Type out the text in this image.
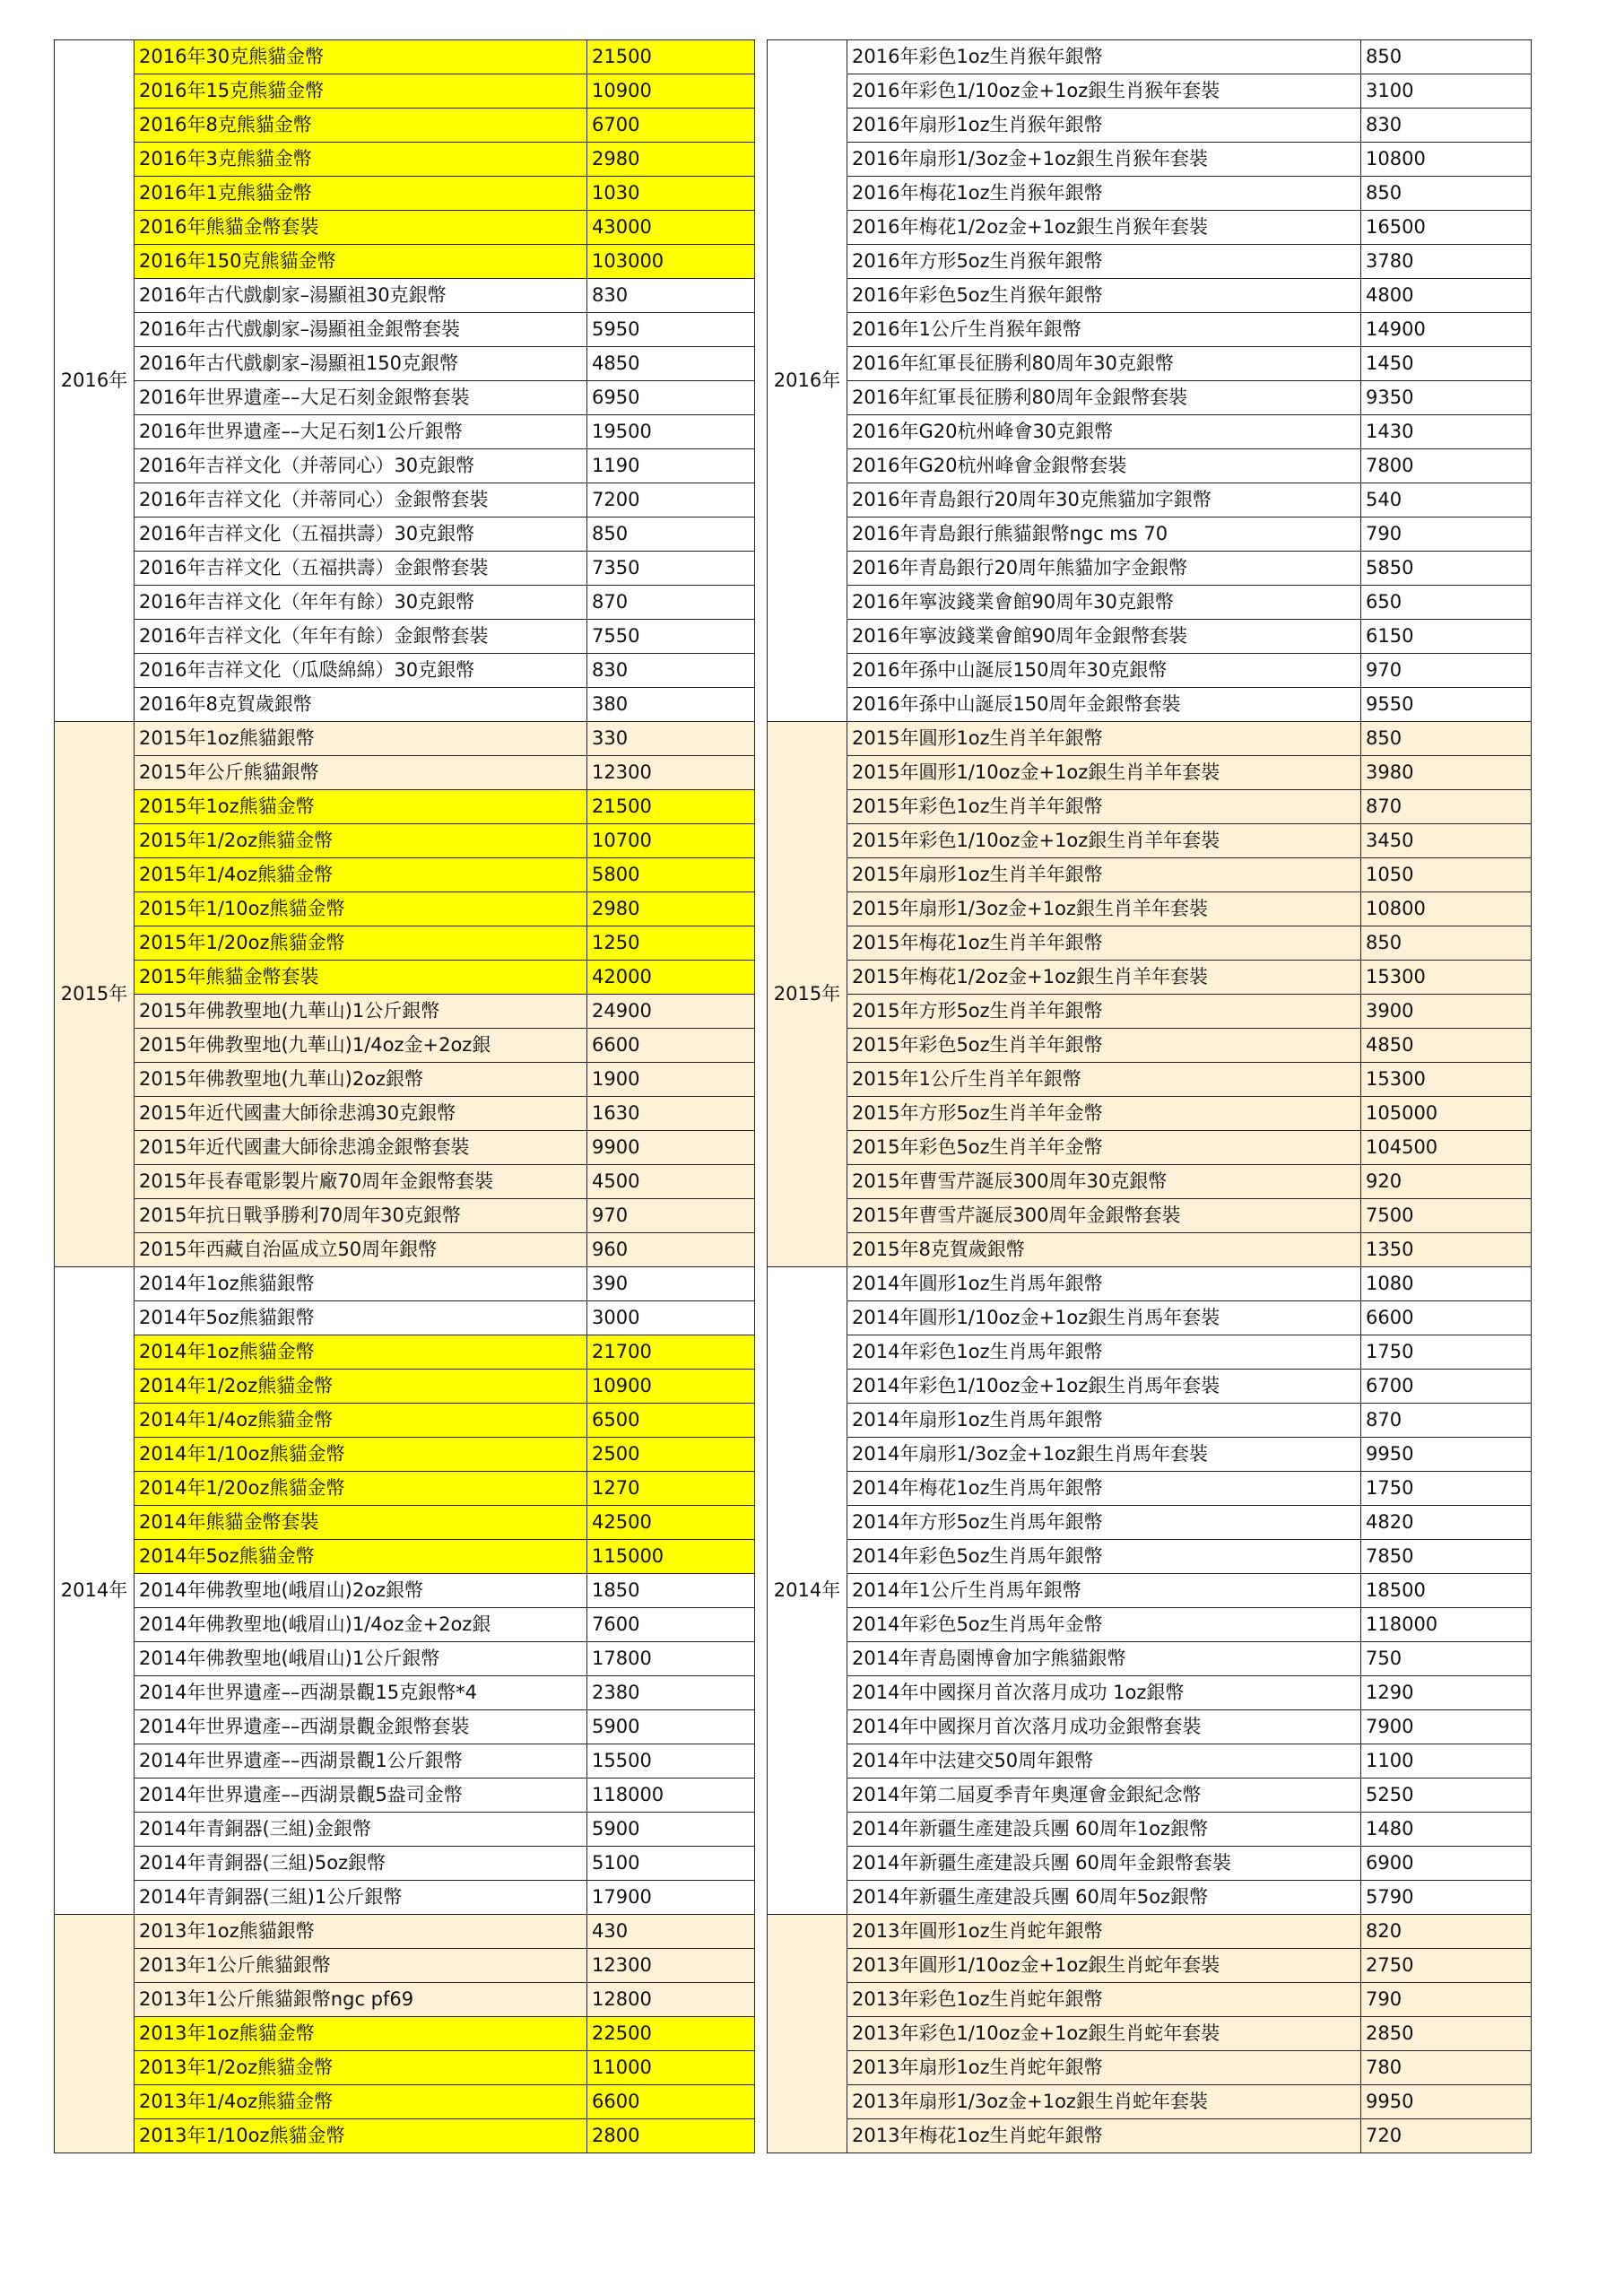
2016年	2016年30克熊貓金幣	21500
	2016年15克熊貓金幣	10900
	2016年8克熊貓金幣	6700
	2016年3克熊貓金幣	2980
	2016年1克熊貓金幣	1030
	2016年熊貓金幣套裝	43000
	2016年150克熊貓金幣	103000
	2016年古代戲劇家–湯顯祖30克銀幣	830
	2016年古代戲劇家–湯顯祖金銀幣套裝	5950
	2016年古代戲劇家–湯顯祖150克銀幣	4850
	2016年世界遺產––大足石刻金銀幣套裝	6950
	2016年世界遺產––大足石刻1公斤銀幣	19500
	2016年吉祥文化（并蒂同心）30克銀幣	1190
	2016年吉祥文化（并蒂同心）金銀幣套裝	7200
	2016年吉祥文化（五福拱壽）30克銀幣	850
	2016年吉祥文化（五福拱壽）金銀幣套裝	7350
	2016年吉祥文化（年年有餘）30克銀幣	870
	2016年吉祥文化（年年有餘）金銀幣套裝	7550
	2016年吉祥文化（瓜瓞綿綿）30克銀幣	830
	2016年8克賀歲銀幣	380
2015年	2015年1oz熊貓銀幣	330
	2015年公斤熊貓銀幣	12300
	2015年1oz熊貓金幣	21500
	2015年1/2oz熊貓金幣	10700
	2015年1/4oz熊貓金幣	5800
	2015年1/10oz熊貓金幣	2980
	2015年1/20oz熊貓金幣	1250
	2015年熊貓金幣套裝	42000
	2015年佛教聖地(九華山)1公斤銀幣	24900
	2015年佛教聖地(九華山)1/4oz金+2oz銀	6600
	2015年佛教聖地(九華山)2oz銀幣	1900
	2015年近代國畫大師徐悲鴻30克銀幣	1630
	2015年近代國畫大師徐悲鴻金銀幣套裝	9900
	2015年長春電影製片廠70周年金銀幣套裝	4500
	2015年抗日戰爭勝利70周年30克銀幣	970
	2015年西藏自治區成立50周年銀幣	960
2014年	2014年1oz熊貓銀幣	390
	2014年5oz熊貓銀幣	3000
	2014年1oz熊貓金幣	21700
	2014年1/2oz熊貓金幣	10900
	2014年1/4oz熊貓金幣	6500
	2014年1/10oz熊貓金幣	2500
	2014年1/20oz熊貓金幣	1270
	2014年熊貓金幣套裝	42500
	2014年5oz熊貓金幣	115000
	2014年佛教聖地(峨眉山)2oz銀幣	1850
	2014年佛教聖地(峨眉山)1/4oz金+2oz銀	7600
	2014年佛教聖地(峨眉山)1公斤銀幣	17800
	2014年世界遺產––西湖景觀15克銀幣*4	2380
	2014年世界遺產––西湖景觀金銀幣套裝	5900
	2014年世界遺產––西湖景觀1公斤銀幣	15500
	2014年世界遺產––西湖景觀5盎司金幣	118000
	2014年青銅器(三組)金銀幣	5900
	2014年青銅器(三組)5oz銀幣	5100
	2014年青銅器(三組)1公斤銀幣	17900
	2013年1oz熊貓銀幣	430
	2013年1公斤熊貓銀幣	12300
	2013年1公斤熊貓銀幣ngc pf69	12800
	2013年1oz熊貓金幣	22500
	2013年1/2oz熊貓金幣	11000
	2013年1/4oz熊貓金幣	6600
	2013年1/10oz熊貓金幣	2800
2016年	2016年彩色1oz生肖猴年銀幣	850
	2016年彩色1/10oz金+1oz銀生肖猴年套裝	3100
	2016年扇形1oz生肖猴年銀幣	830
	2016年扇形1/3oz金+1oz銀生肖猴年套裝	10800
	2016年梅花1oz生肖猴年銀幣	850
	2016年梅花1/2oz金+1oz銀生肖猴年套裝	16500
	2016年方形5oz生肖猴年銀幣	3780
	2016年彩色5oz生肖猴年銀幣	4800
	2016年1公斤生肖猴年銀幣	14900
	2016年紅軍長征勝利80周年30克銀幣	1450
	2016年紅軍長征勝利80周年金銀幣套裝	9350
	2016年G20杭州峰會30克銀幣	1430
	2016年G20杭州峰會金銀幣套裝	7800
	2016年青島銀行20周年30克熊貓加字銀幣	540
	2016年青島銀行熊貓銀幣ngc ms 70	790
	2016年青島銀行20周年熊貓加字金銀幣	5850
	2016年寧波錢業會館90周年30克銀幣	650
	2016年寧波錢業會館90周年金銀幣套裝	6150
	2016年孫中山誕辰150周年30克銀幣	970
	2016年孫中山誕辰150周年金銀幣套裝	9550
2015年	2015年圓形1oz生肖羊年銀幣	850
	2015年圓形1/10oz金+1oz銀生肖羊年套裝	3980
	2015年彩色1oz生肖羊年銀幣	870
	2015年彩色1/10oz金+1oz銀生肖羊年套裝	3450
	2015年扇形1oz生肖羊年銀幣	1050
	2015年扇形1/3oz金+1oz銀生肖羊年套裝	10800
	2015年梅花1oz生肖羊年銀幣	850
	2015年梅花1/2oz金+1oz銀生肖羊年套裝	15300
	2015年方形5oz生肖羊年銀幣	3900
	2015年彩色5oz生肖羊年銀幣	4850
	2015年1公斤生肖羊年銀幣	15300
	2015年方形5oz生肖羊年金幣	105000
	2015年彩色5oz生肖羊年金幣	104500
	2015年曹雪芹誕辰300周年30克銀幣	920
	2015年曹雪芹誕辰300周年金銀幣套裝	7500
	2015年8克賀歲銀幣	1350
2014年	2014年圓形1oz生肖馬年銀幣	1080
	2014年圓形1/10oz金+1oz銀生肖馬年套裝	6600
	2014年彩色1oz生肖馬年銀幣	1750
	2014年彩色1/10oz金+1oz銀生肖馬年套裝	6700
	2014年扇形1oz生肖馬年銀幣	870
	2014年扇形1/3oz金+1oz銀生肖馬年套裝	9950
	2014年梅花1oz生肖馬年銀幣	1750
	2014年方形5oz生肖馬年銀幣	4820
	2014年彩色5oz生肖馬年銀幣	7850
	2014年1公斤生肖馬年銀幣	18500
	2014年彩色5oz生肖馬年金幣	118000
	2014年青島園博會加字熊貓銀幣	750
	2014年中國探月首次落月成功 1oz銀幣	1290
	2014年中國探月首次落月成功金銀幣套裝	7900
	2014年中法建交50周年銀幣	1100
	2014年第二屆夏季青年奧運會金銀紀念幣	5250
	2014年新疆生產建設兵團 60周年1oz銀幣	1480
	2014年新疆生產建設兵團 60周年金銀幣套裝	6900
	2014年新疆生產建設兵團 60周年5oz銀幣	5790
	2013年圓形1oz生肖蛇年銀幣	820
	2013年圓形1/10oz金+1oz銀生肖蛇年套裝	2750
	2013年彩色1oz生肖蛇年銀幣	790
	2013年彩色1/10oz金+1oz銀生肖蛇年套裝	2850
	2013年扇形1oz生肖蛇年銀幣	780
	2013年扇形1/3oz金+1oz銀生肖蛇年套裝	9950
	2013年梅花1oz生肖蛇年銀幣	720
